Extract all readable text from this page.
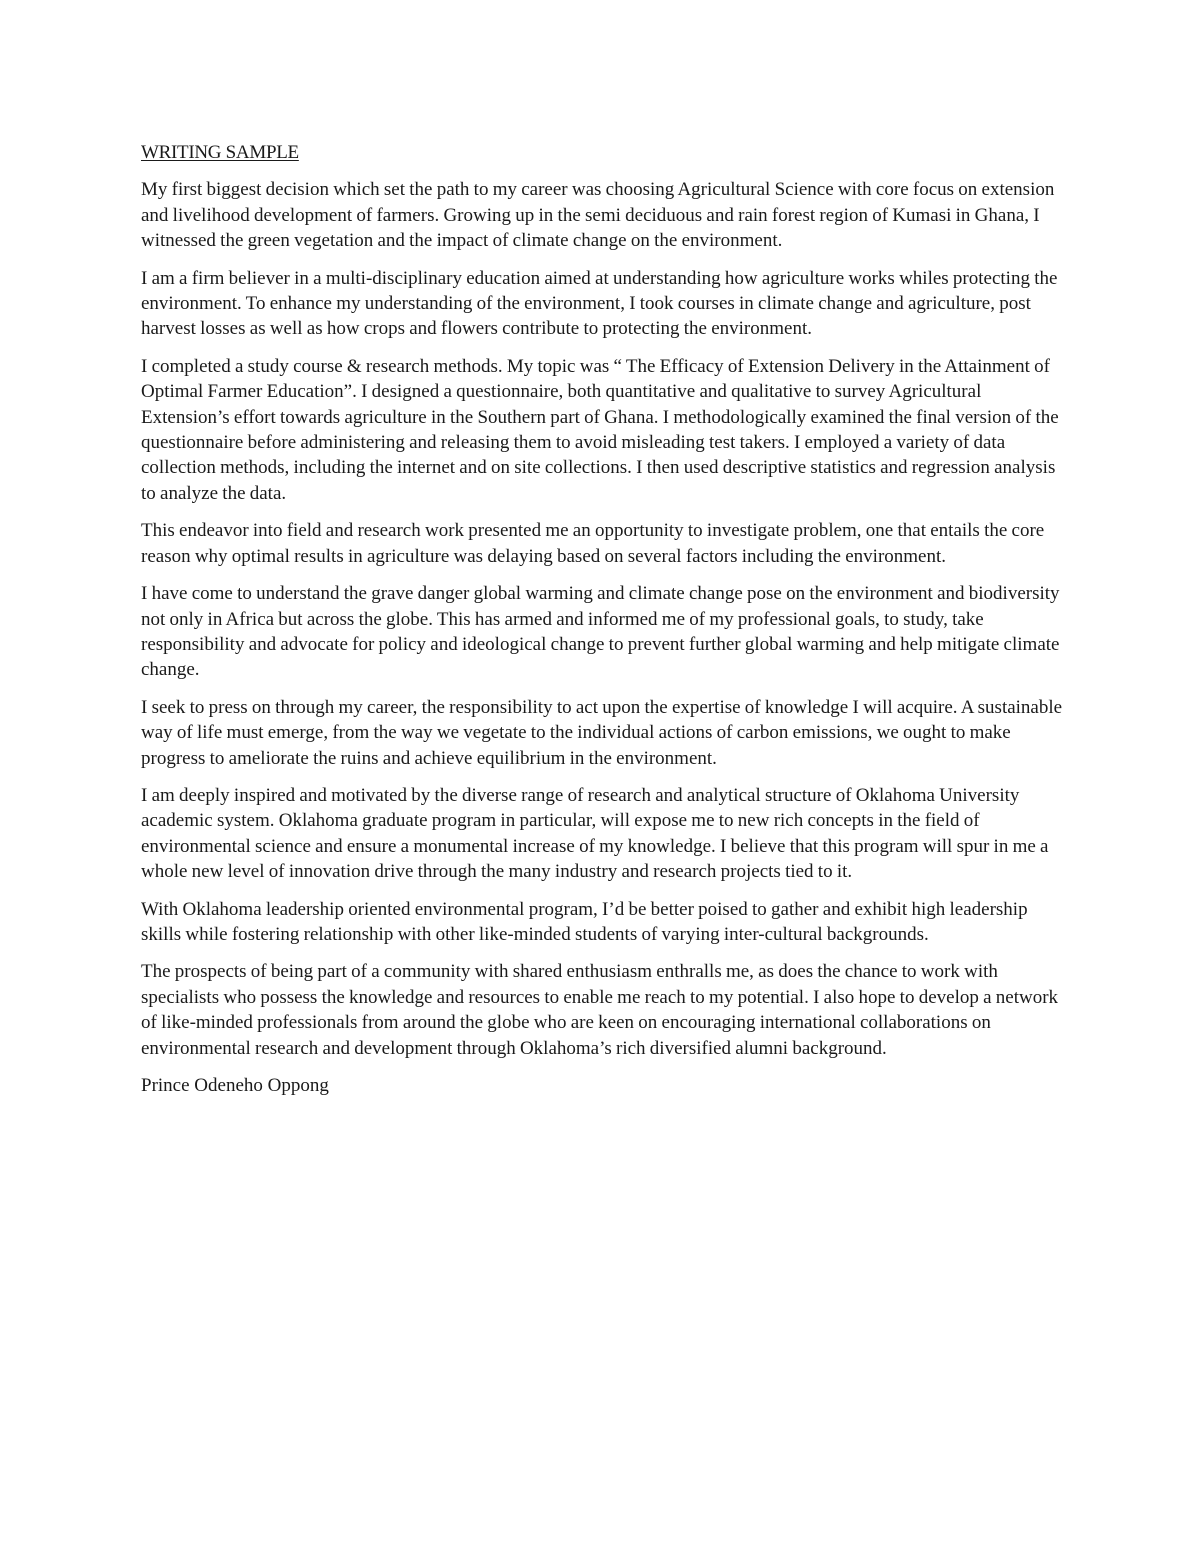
WRITING SAMPLE

My first biggest decision which set the path to my career was choosing Agricultural Science with core focus on extension and livelihood development of farmers. Growing up in the semi deciduous and rain forest region of Kumasi in Ghana, I witnessed the green vegetation and the impact of climate change on the environment.

I am a firm believer in a multi-disciplinary education aimed at understanding how agriculture works whiles protecting the environment. To enhance my understanding of the environment, I took courses in climate change and agriculture, post harvest losses as well as how crops and flowers contribute to protecting the environment.

I completed a study course & research methods. My topic was “ The Efficacy of Extension Delivery in the Attainment of Optimal Farmer Education”. I designed a questionnaire, both quantitative and qualitative to survey Agricultural Extension’s effort towards agriculture in the Southern part of Ghana. I methodologically examined the final version of the questionnaire before administering and releasing them to avoid misleading test takers. I employed a variety of data collection methods, including the internet and on site collections. I then used descriptive statistics and regression analysis to analyze the data.

This endeavor into field and research work presented me an opportunity to investigate problem, one that entails the core reason why optimal results in agriculture was delaying based on several factors including the environment.

I have come to understand the grave danger global warming and climate change pose on the environment and biodiversity not only in Africa but across the globe. This has armed and informed me of my professional goals, to study, take responsibility and advocate for policy and ideological change to prevent further global warming and help mitigate climate change.

I seek to press on through my career, the responsibility to act upon the expertise of knowledge I will acquire. A sustainable way of life must emerge, from the way we vegetate to the individual actions of carbon emissions, we ought to make progress to ameliorate the ruins and achieve equilibrium in the environment.

I am deeply inspired and motivated by the diverse range of research and analytical structure of Oklahoma University academic system. Oklahoma graduate program in particular, will expose me to new rich concepts in the field of environmental science and ensure a monumental increase of my knowledge. I believe that this program will spur in me a whole new level of innovation drive through the many industry and research projects tied to it.

With Oklahoma leadership oriented environmental program, I’d be better poised to gather and exhibit high leadership skills while fostering relationship with other like-minded students of varying inter-cultural backgrounds.

The prospects of being part of a community with shared enthusiasm enthralls me, as does the chance to work with specialists who possess the knowledge and resources to enable me reach to my potential. I also hope to develop a network of like-minded professionals from around the globe who are keen on encouraging international collaborations on environmental research and development through Oklahoma’s rich diversified alumni background.

Prince Odeneho Oppong
